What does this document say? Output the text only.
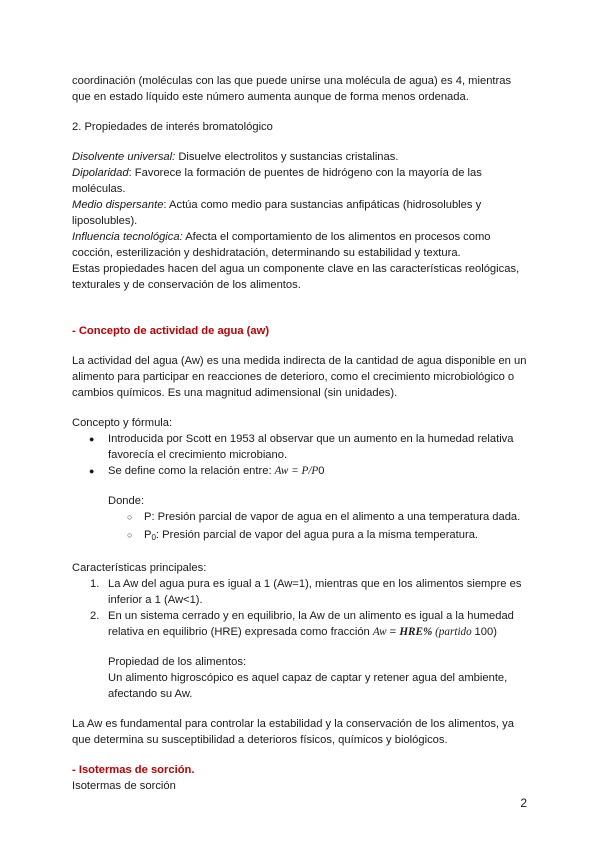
coordinación (moléculas con las que puede unirse una molécula de agua) es 4, mientras

que en estado líquido este número aumenta aunque de forma menos ordenada.

2. Propiedades de interés bromatológico

Disolvente universal: Disuelve electrolitos y sustancias cristalinas.

Dipolaridad: Favorece la formación de puentes de hidrógeno con la mayoría de las moléculas.

Medio dispersante: Actúa como medio para sustancias anfipáticas (hidrosolubles y liposolubles).

Influencia tecnológica: Afecta el comportamiento de los alimentos en procesos como cocción, esterilización y deshidratación, determinando su estabilidad y textura.

Estas propiedades hacen del agua un componente clave en las características reológicas, texturales y de conservación de los alimentos.

- Concepto de actividad de agua (aw)

La actividad del agua (Aw) es una medida indirecta de la cantidad de agua disponible en un alimento para participar en reacciones de deterioro, como el crecimiento microbiológico o cambios químicos. Es una magnitud adimensional (sin unidades).

Concepto y fórmula:

● Introducida por Scott en 1953 al observar que un aumento en la humedad relativa favorecía el crecimiento microbiano.
● Se define como la relación entre: Aw = P/P0

Donde:

○ P: Presión parcial de vapor de agua en el alimento a una temperatura dada.
○ $P_0$: Presión parcial de vapor del agua pura a la misma temperatura.

Características principales:

1. La Aw del agua pura es igual a 1 (Aw=1), mientras que en los alimentos siempre es inferior a 1 (Aw<1).
2. En un sistema cerrado y en equilibrio, la Aw de un alimento es igual a la humedad relativa en equilibrio (HRE) expresada como fracción Aw = HRE% (partido 100)

Propiedad de los alimentos:

Un alimento higroscópico es aquel capaz de captar y retener agua del ambiente, afectando su Aw.

La Aw es fundamental para controlar la estabilidad y la conservación de los alimentos, ya que determina su susceptibilidad a deterioros físicos, químicos y biológicos.

- Isotermas de sorción.

Isotermas de sorción

2
